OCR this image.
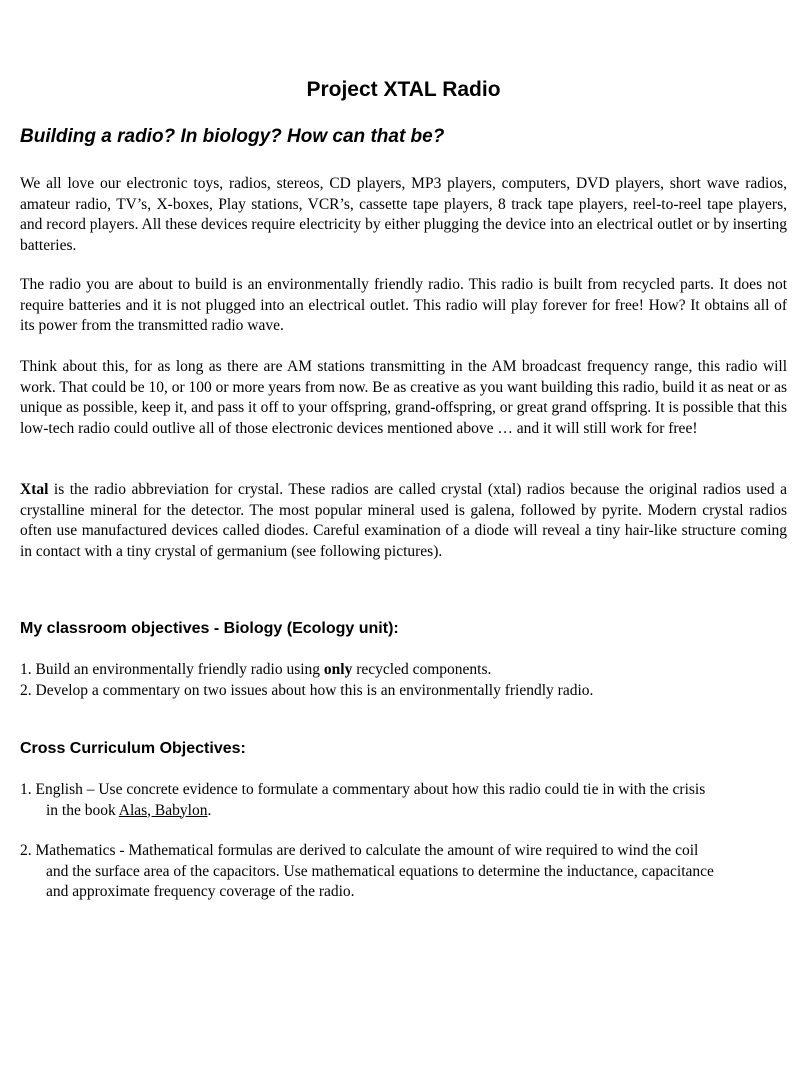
Project XTAL Radio
Building a radio? In biology? How can that be?

We all love our electronic toys, radios, stereos, CD players, MP3 players, computers, DVD players, short wave radios, amateur radio, TV’s, X-boxes, Play stations, VCR’s, cassette tape players, 8 track tape players, reel-to-reel tape players, and record players. All these devices require electricity by either plugging the device into an electrical outlet or by inserting batteries.

The radio you are about to build is an environmentally friendly radio. This radio is built from recycled parts. It does not require batteries and it is not plugged into an electrical outlet. This radio will play forever for free! How? It obtains all of its power from the transmitted radio wave.

Think about this, for as long as there are AM stations transmitting in the AM broadcast frequency range, this radio will work. That could be 10, or 100 or more years from now. Be as creative as you want building this radio, build it as neat or as unique as possible, keep it, and pass it off to your offspring, grand-offspring, or great grand offspring. It is possible that this low-tech radio could outlive all of those electronic devices mentioned above … and it will still work for free!

Xtal is the radio abbreviation for crystal. These radios are called crystal (xtal) radios because the original radios used a crystalline mineral for the detector. The most popular mineral used is galena, followed by pyrite. Modern crystal radios often use manufactured devices called diodes. Careful examination of a diode will reveal a tiny hair-like structure coming in contact with a tiny crystal of germanium (see following pictures).

My classroom objectives - Biology (Ecology unit):
1. Build an environmentally friendly radio using only recycled components.
2. Develop a commentary on two issues about how this is an environmentally friendly radio.
Cross Curriculum Objectives:
1. English – Use concrete evidence to formulate a commentary about how this radio could tie in with the crisis in the book Alas, Babylon.
2. Mathematics - Mathematical formulas are derived to calculate the amount of wire required to wind the coil and the surface area of the capacitors. Use mathematical equations to determine the inductance, capacitance and approximate frequency coverage of the radio.
